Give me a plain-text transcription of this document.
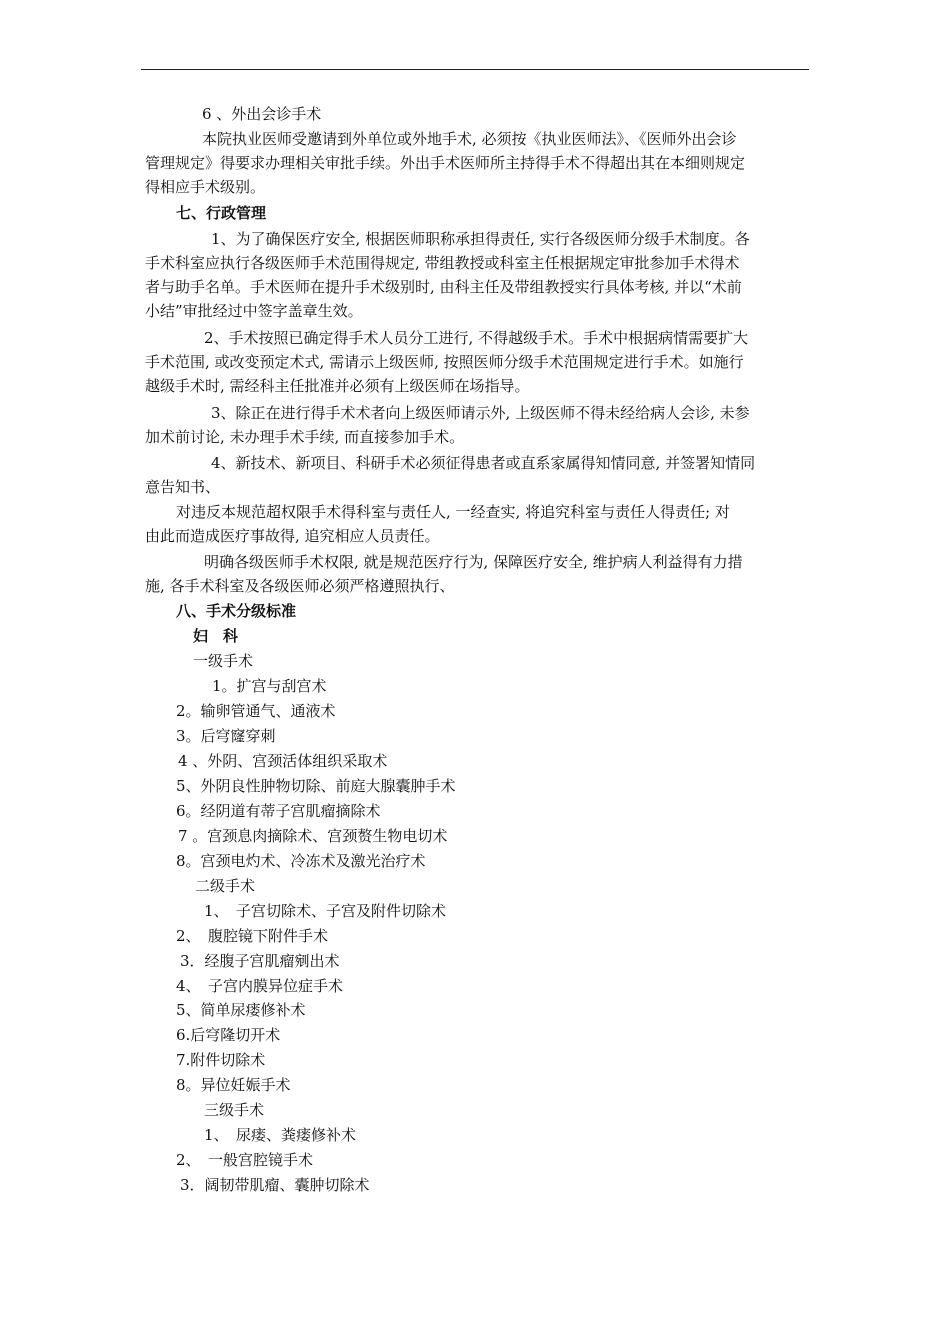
6 、外出会诊手术
本院执业医师受邀请到外单位或外地手术, 必须按《执业医师法》、《医师外出会诊
管理规定》得要求办理相关审批手续。外出手术医师所主持得手术不得超出其在本细则规定
得相应手术级别。
七、行政管理
1、为了确保医疗安全, 根据医师职称承担得责任, 实行各级医师分级手术制度。各
手术科室应执行各级医师手术范围得规定, 带组教授或科室主任根据规定审批参加手术得术
者与助手名单。手术医师在提升手术级别时, 由科主任及带组教授实行具体考核, 并以“术前
小结”审批经过中签字盖章生效。
2、手术按照已确定得手术人员分工进行, 不得越级手术。手术中根据病情需要扩大
手术范围, 或改变预定术式, 需请示上级医师, 按照医师分级手术范围规定进行手术。如施行
越级手术时, 需经科主任批准并必须有上级医师在场指导。
3、除正在进行得手术术者向上级医师请示外, 上级医师不得未经给病人会诊, 未参
加术前讨论, 未办理手术手续, 而直接参加手术。
4、新技术、新项目、科研手术必须征得患者或直系家属得知情同意, 并签署知情同
意告知书、
对违反本规范超权限手术得科室与责任人, 一经查实, 将追究科室与责任人得责任; 对
由此而造成医疗事故得, 追究相应人员责任。
明确各级医师手术权限, 就是规范医疗行为, 保障医疗安全, 维护病人利益得有力措
施, 各手术科室及各级医师必须严格遵照执行、
八、手术分级标准
妇　科
一级手术
1。扩宫与刮宫术
2。输卵管通气、通液术
3。后穹窿穿刺
4 、外阴、宫颈活体组织采取术
5、外阴良性肿物切除、前庭大腺囊肿手术
6。经阴道有蒂子宫肌瘤摘除术
7 。宫颈息肉摘除术、宫颈赘生物电切术
8。宫颈电灼术、冷冻术及激光治疗术
二级手术
1、　子宫切除术、子宫及附件切除术
2、　腹腔镜下附件手术
3．经腹子宫肌瘤剜出术
4、　子宫内膜异位症手术
5、简单尿瘘修补术
6.后穹隆切开术
7.附件切除术
8。异位妊娠手术
三级手术
1、　尿瘘、粪瘘修补术
2、　一般宫腔镜手术
3．阔韧带肌瘤、囊肿切除术
